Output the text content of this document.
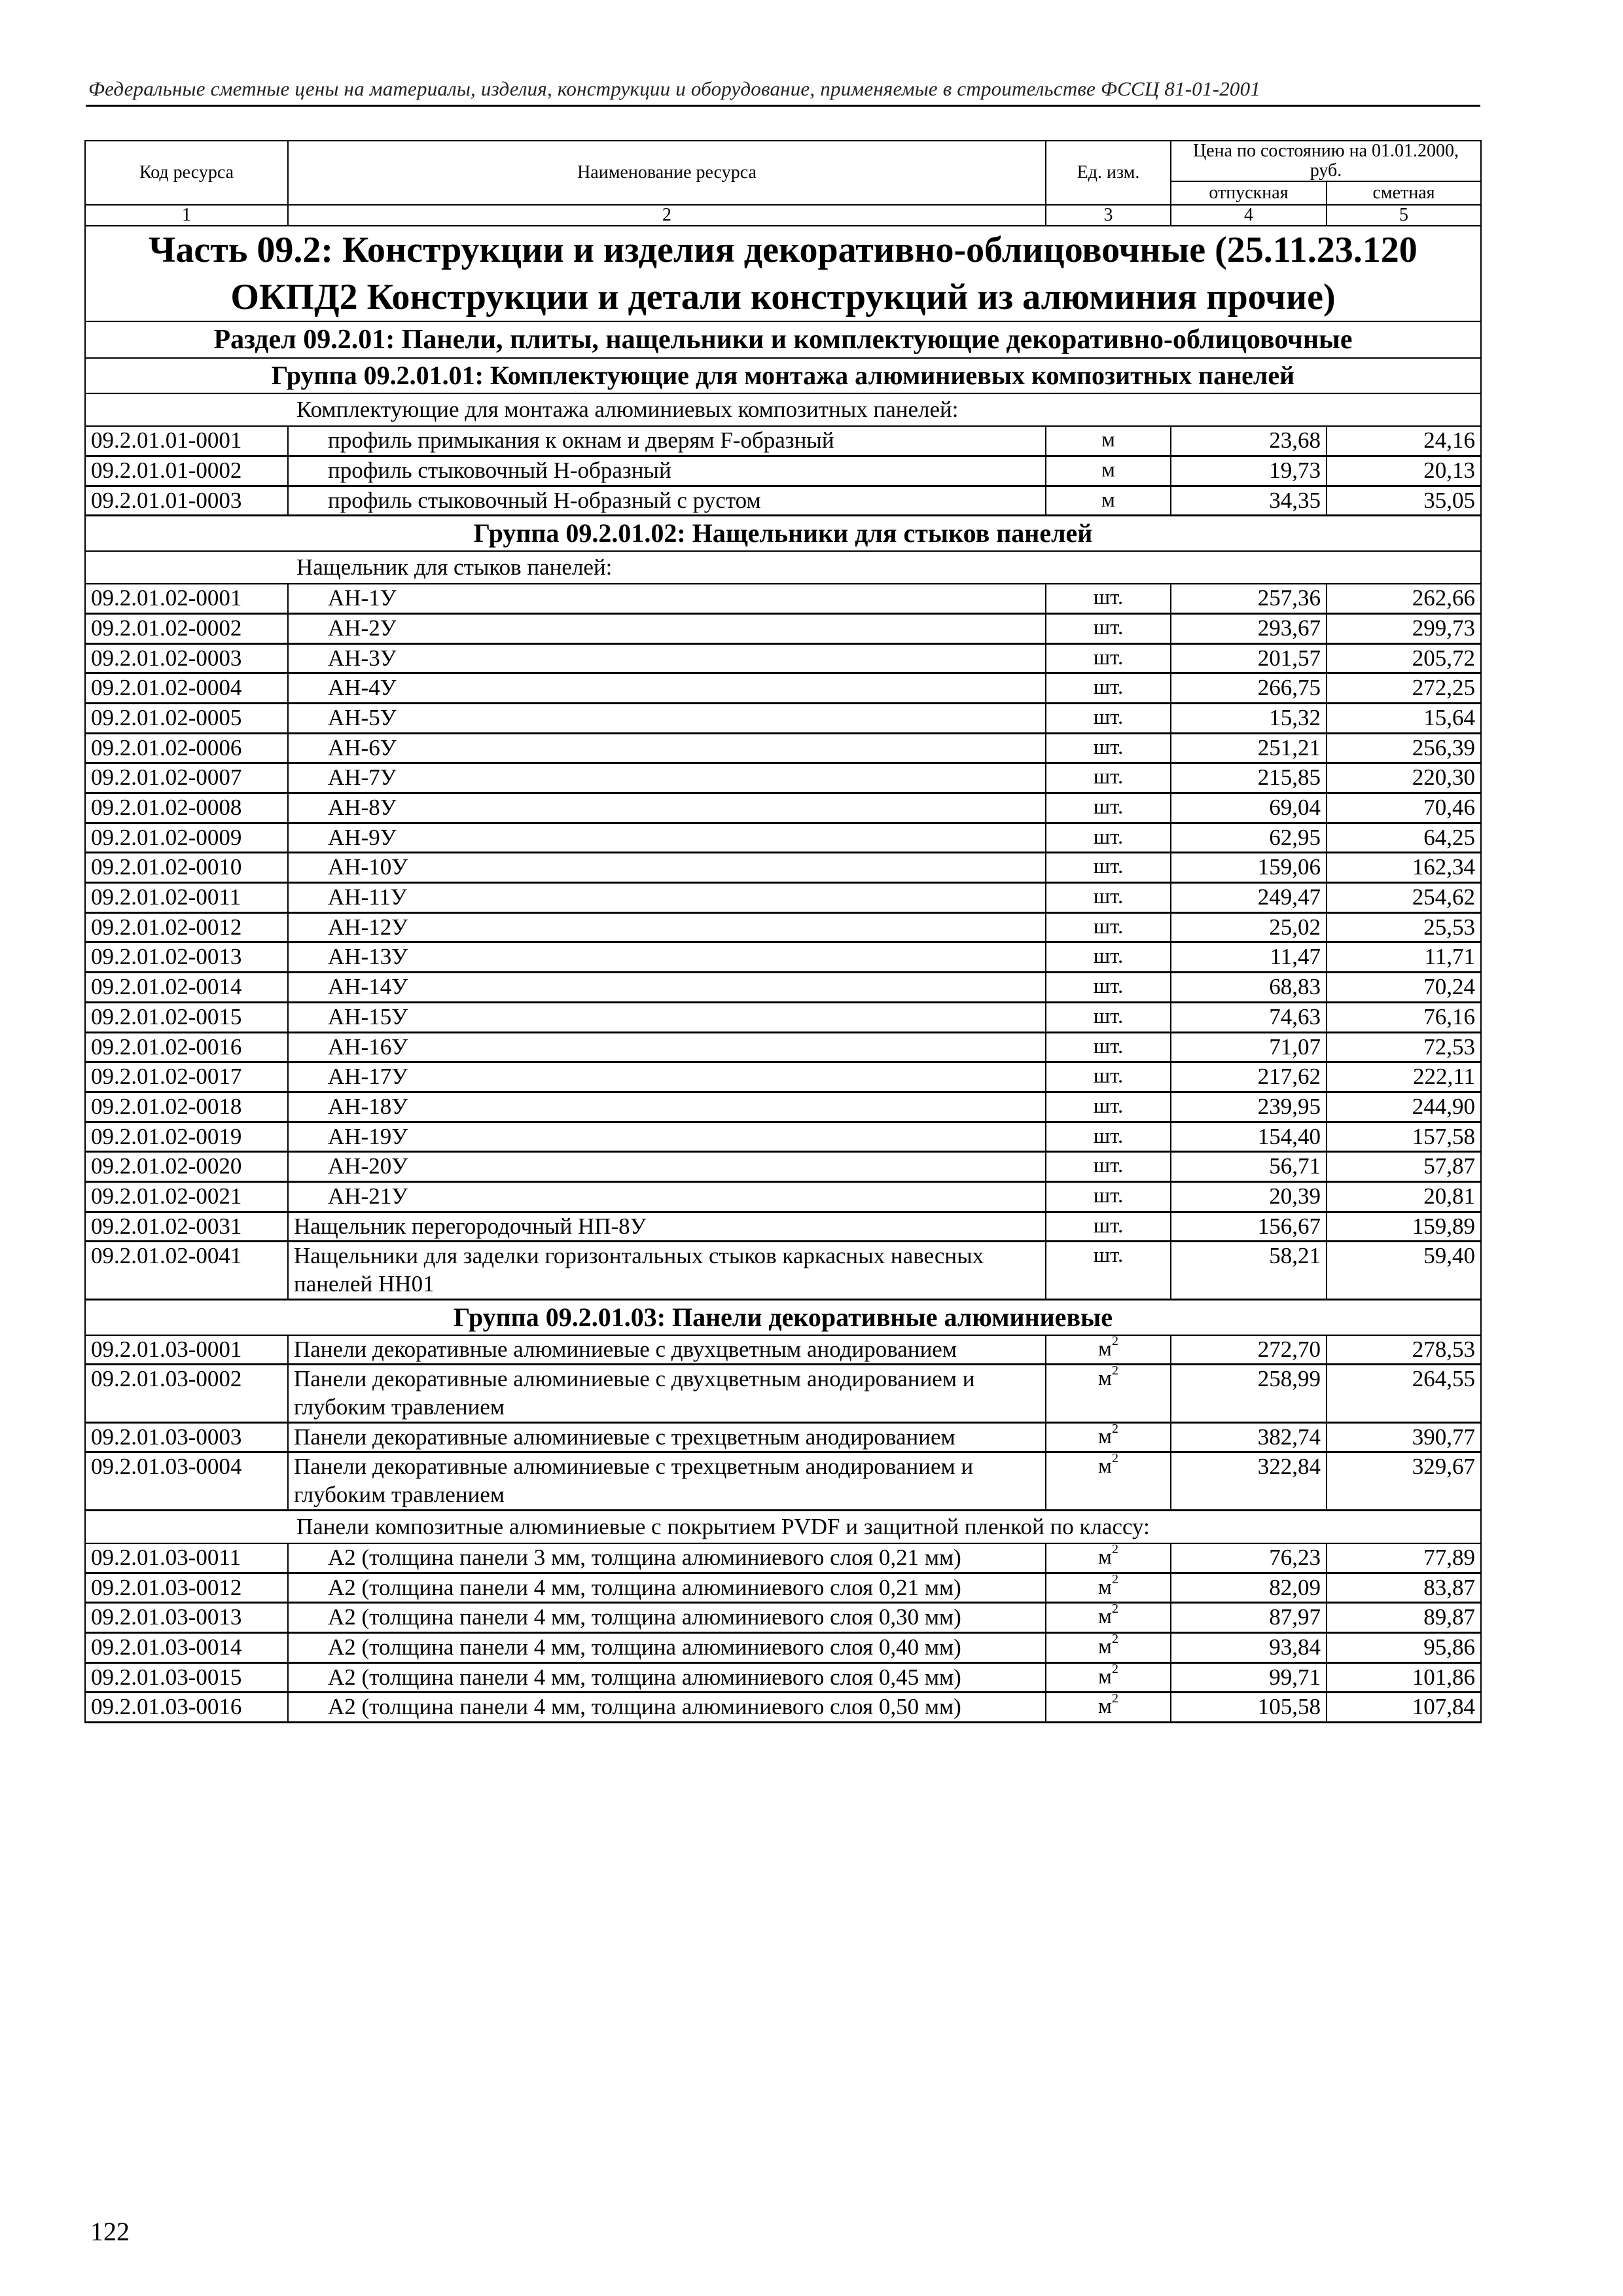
Федеральные сметные цены на материалы, изделия, конструкции и оборудование, применяемые в строительстве ФССЦ 81-01-2001
Код ресурса	Наименование ресурса	Ед. изм.	Цена по состоянию на 01.01.2000, руб.	
			отпускная	сметная
1	2	3	4	5
Часть 09.2: Конструкции и изделия декоративно-облицовочные (25.11.23.120 ОКПД2 Конструкции и детали конструкций из алюминия прочие)				
Раздел 09.2.01: Панели, плиты, нащельники и комплектующие декоративно-облицовочные				
Группа 09.2.01.01: Комплектующие для монтажа алюминиевых композитных панелей				
Комплектующие для монтажа алюминиевых композитных панелей:				
09.2.01.01-0001	профиль примыкания к окнам и дверям F-образный	м	23,68	24,16
09.2.01.01-0002	профиль стыковочный H-образный	м	19,73	20,13
09.2.01.01-0003	профиль стыковочный H-образный с рустом	м	34,35	35,05
Группа 09.2.01.02: Нащельники для стыков панелей				
Нащельник для стыков панелей:				
09.2.01.02-0001	АН-1У	шт.	257,36	262,66
09.2.01.02-0002	АН-2У	шт.	293,67	299,73
09.2.01.02-0003	АН-3У	шт.	201,57	205,72
09.2.01.02-0004	АН-4У	шт.	266,75	272,25
09.2.01.02-0005	АН-5У	шт.	15,32	15,64
09.2.01.02-0006	АН-6У	шт.	251,21	256,39
09.2.01.02-0007	АН-7У	шт.	215,85	220,30
09.2.01.02-0008	АН-8У	шт.	69,04	70,46
09.2.01.02-0009	АН-9У	шт.	62,95	64,25
09.2.01.02-0010	АН-10У	шт.	159,06	162,34
09.2.01.02-0011	АН-11У	шт.	249,47	254,62
09.2.01.02-0012	АН-12У	шт.	25,02	25,53
09.2.01.02-0013	АН-13У	шт.	11,47	11,71
09.2.01.02-0014	АН-14У	шт.	68,83	70,24
09.2.01.02-0015	АН-15У	шт.	74,63	76,16
09.2.01.02-0016	АН-16У	шт.	71,07	72,53
09.2.01.02-0017	АН-17У	шт.	217,62	222,11
09.2.01.02-0018	АН-18У	шт.	239,95	244,90
09.2.01.02-0019	АН-19У	шт.	154,40	157,58
09.2.01.02-0020	АН-20У	шт.	56,71	57,87
09.2.01.02-0021	АН-21У	шт.	20,39	20,81
09.2.01.02-0031	Нащельник перегородочный НП-8У	шт.	156,67	159,89
09.2.01.02-0041	Нащельники для заделки горизонтальных стыков каркасных навесных панелей НН01	шт.	58,21	59,40
Группа 09.2.01.03: Панели декоративные алюминиевые				
09.2.01.03-0001	Панели декоративные алюминиевые с двухцветным анодированием	$м^2$	272,70	278,53
09.2.01.03-0002	Панели декоративные алюминиевые с двухцветным анодированием и глубоким травлением	$м^2$	258,99	264,55
09.2.01.03-0003	Панели декоративные алюминиевые с трехцветным анодированием	$м^2$	382,74	390,77
09.2.01.03-0004	Панели декоративные алюминиевые с трехцветным анодированием и глубоким травлением	$м^2$	322,84	329,67
Панели композитные алюминиевые с покрытием PVDF и защитной пленкой по классу:				
09.2.01.03-0011	А2 (толщина панели 3 мм, толщина алюминиевого слоя 0,21 мм)	$м^2$	76,23	77,89
09.2.01.03-0012	А2 (толщина панели 4 мм, толщина алюминиевого слоя 0,21 мм)	$м^2$	82,09	83,87
09.2.01.03-0013	А2 (толщина панели 4 мм, толщина алюминиевого слоя 0,30 мм)	$м^2$	87,97	89,87
09.2.01.03-0014	А2 (толщина панели 4 мм, толщина алюминиевого слоя 0,40 мм)	$м^2$	93,84	95,86
09.2.01.03-0015	А2 (толщина панели 4 мм, толщина алюминиевого слоя 0,45 мм)	$м^2$	99,71	101,86
09.2.01.03-0016	А2 (толщина панели 4 мм, толщина алюминиевого слоя 0,50 мм)	$м^2$	105,58	107,84
122
